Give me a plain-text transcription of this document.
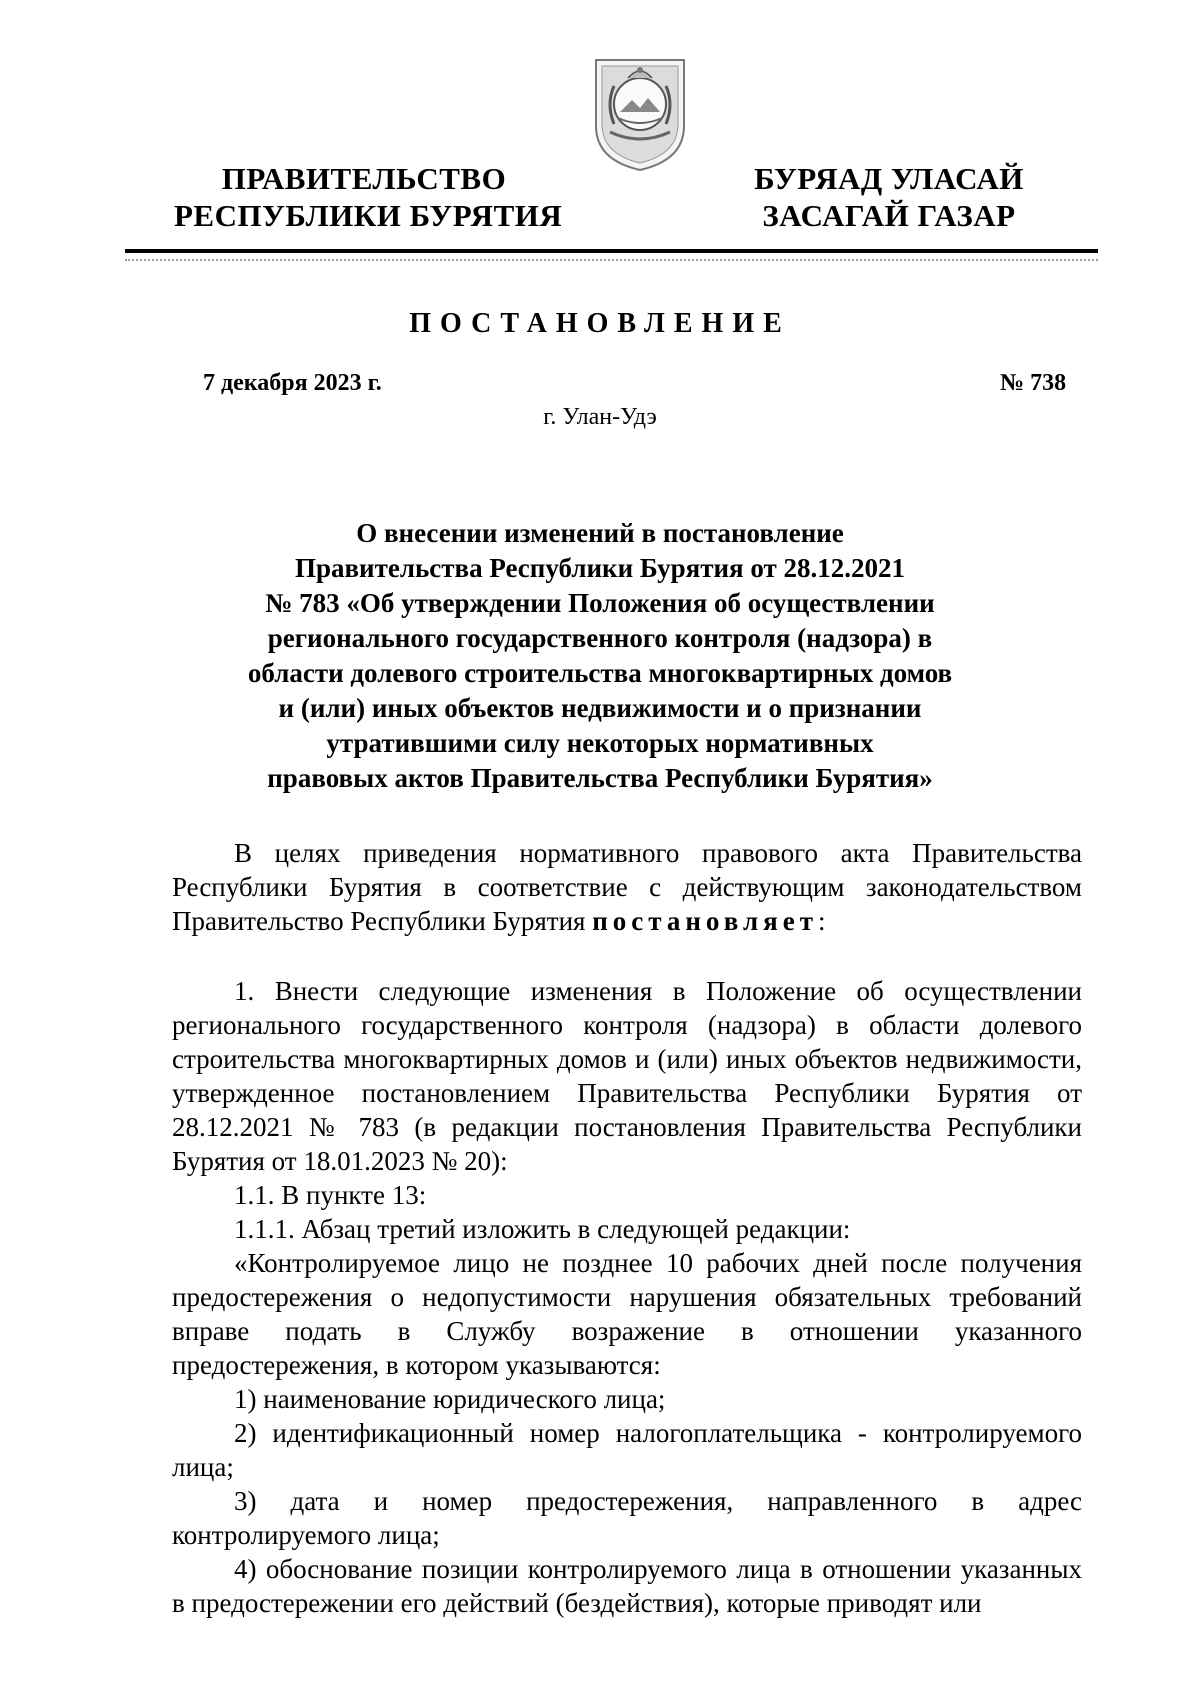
ПРАВИТЕЛЬСТВО
РЕСПУБЛИКИ БУРЯТИЯ
БУРЯАД УЛАСАЙ
ЗАСАГАЙ ГАЗАР
ПОСТАНОВЛЕНИЕ
7 декабря 2023 г.	№ 738
г. Улан-Удэ
О внесении изменений в постановление
Правительства Республики Бурятия от 28.12.2021
№ 783 «Об утверждении Положения об осуществлении
регионального государственного контроля (надзора) в
области долевого строительства многоквартирных домов
и (или) иных объектов недвижимости и о признании
утратившими силу некоторых нормативных
правовых актов Правительства Республики Бурятия»

В целях приведения нормативного правового акта Правительства Республики Бурятия в соответствие с действующим законодательством Правительство Республики Бурятия постановляет:

1. Внести следующие изменения в Положение об осуществлении регионального государственного контроля (надзора) в области долевого строительства многоквартирных домов и (или) иных объектов недвижимости, утвержденное постановлением Правительства Республики Бурятия от 28.12.2021 № 783 (в редакции постановления Правительства Республики Бурятия от 18.01.2023 № 20):

1.1. В пункте 13:

1.1.1. Абзац третий изложить в следующей редакции:

«Контролируемое лицо не позднее 10 рабочих дней после получения предостережения о недопустимости нарушения обязательных требований вправе подать в Службу возражение в отношении указанного предостережения, в котором указываются:

1) наименование юридического лица;

2) идентификационный номер налогоплательщика - контролируемого лица;

3) дата и номер предостережения, направленного в адрес контролируемого лица;

4) обоснование позиции контролируемого лица в отношении указанных в предостережении его действий (бездействия), которые приводят или
